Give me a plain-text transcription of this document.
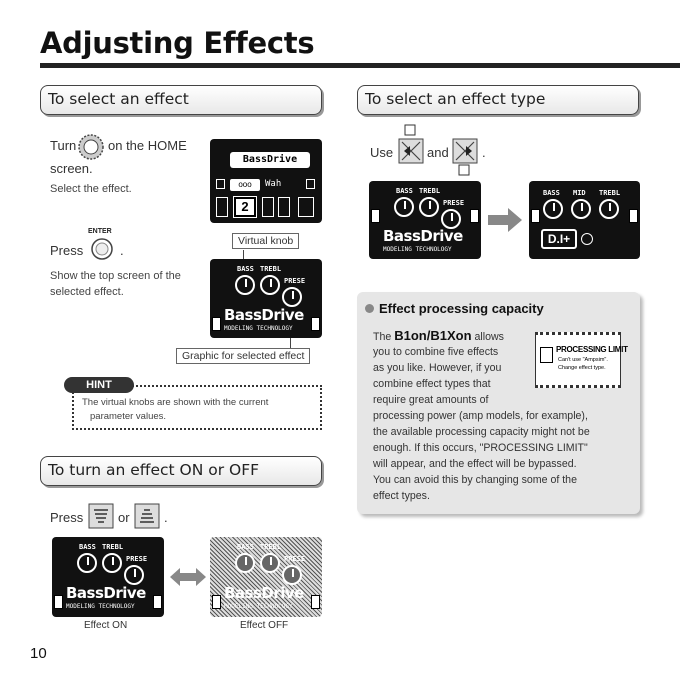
Adjusting Effects
To select an effect
Turn on the HOME
screen.
Select the effect.
BassDrive
ooo	Wah
2
ENTER
Press	.
Show the top screen of the
selected effect.
Virtual knob
BASS TREBL
PRESE
BassDrive
MODELING TECHNOLOGY
Graphic for selected effect
The virtual knobs are shown with the current
parameter values.
HINT
To turn an effect ON or OFF
Press	or	.
BASS TREBL
PRESE
BassDrive
MODELING TECHNOLOGY
BASS TREBL
PRESE
BassDrive
MODELING TECHNOLOGY
Effect ON	Effect OFF
To select an effect type
Use	and	.
BASS TREBL
PRESE
BassDrive
MODELING TECHNOLOGY
BASS MID TREBL
D.I+
Effect processing capacity
The B1on/B1Xon allows
you to combine five effects
as you like. However, if you
combine effect types that
require great amounts of
processing power (amp models, for example),
the available processing capacity might not be
enough. If this occurs, "PROCESSING LIMIT"
will appear, and the effect will be bypassed.
You can avoid this by changing some of the
effect types.
PROCESSING LIMIT
Can't use "Ampsim".
Change effect type.
10
